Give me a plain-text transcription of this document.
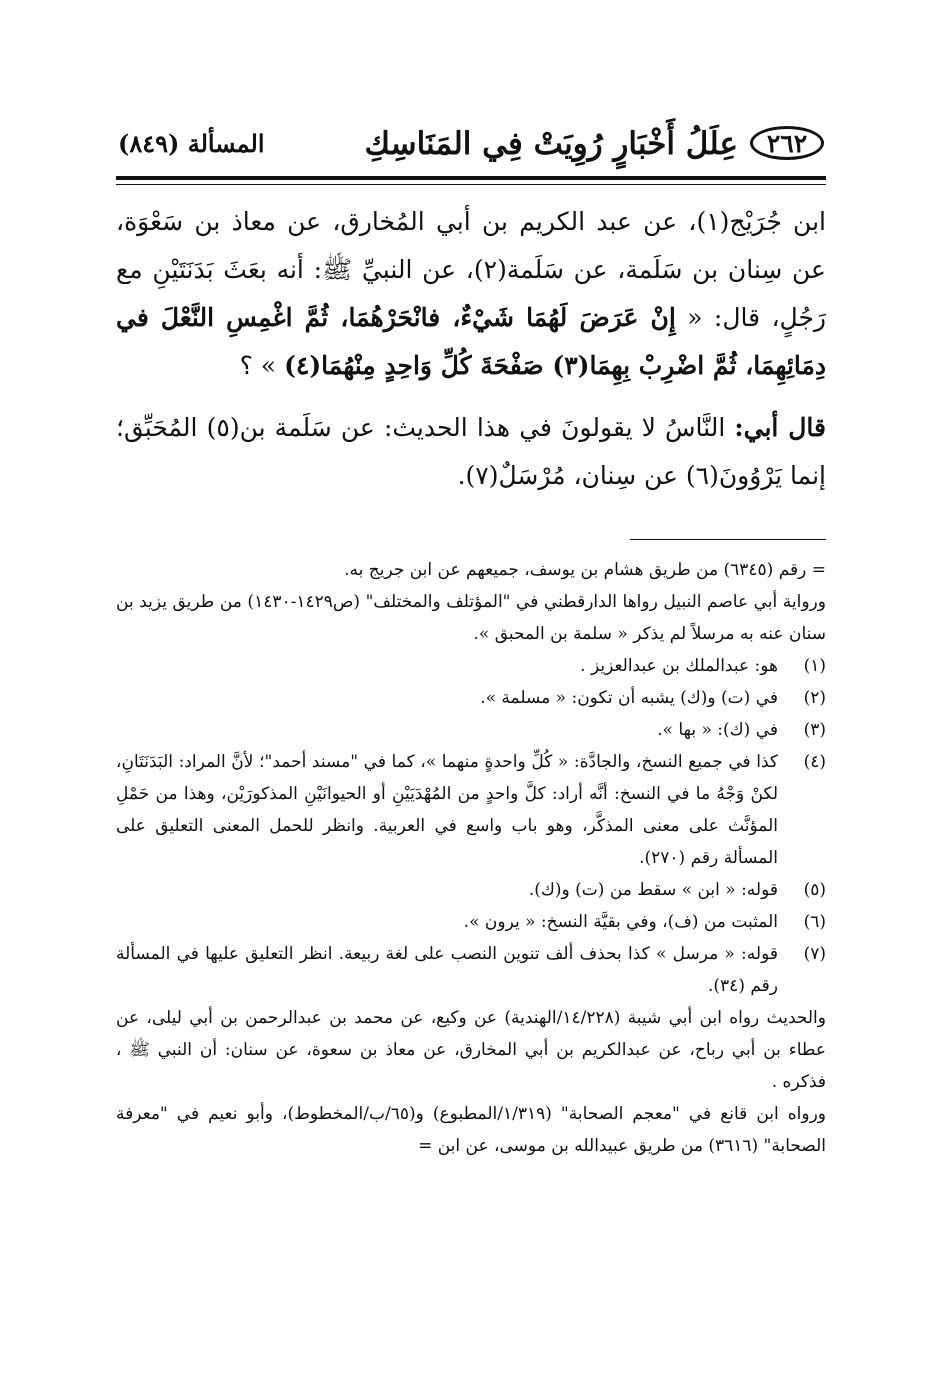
٢٦٢
عِلَلُ أَخْبَارٍ رُوِيَتْ فِي المَنَاسِكِ
المسألة (٨٤٩)

ابن جُرَيْج(١)، عن عبد الكريم بن أبي المُخارق، عن معاذ بن سَعْوَة، عن سِنان بن سَلَمة، عن سَلَمة(٢)، عن النبيِّ ﷺ: أنه بعَثَ بَدَنَتَيْنِ مع رَجُلٍ، قال: « إِنْ عَرَضَ لَهُمَا شَيْءٌ، فانْحَرْهُمَا، ثُمَّ اغْمِسِ النَّعْلَ في دِمَائِهِمَا، ثُمَّ اضْرِبْ بِهِمَا(٣) صَفْحَةَ كُلِّ وَاحِدٍ مِنْهُمَا(٤) » ؟

قال أبي: النَّاسُ لا يقولونَ في هذا الحديث: عن سَلَمة بن(٥) المُحَبِّق؛ إنما يَرْوُونَ(٦) عن سِنان، مُرْسَلٌ(٧).

= رقم (٦٣٤٥) من طريق هشام بن يوسف، جميعهم عن ابن جريج به.

ورواية أبي عاصم النبيل رواها الدارقطني في "المؤتلف والمختلف" (ص١٤٢٩-١٤٣٠) من طريق يزيد بن سنان عنه به مرسلاً لم يذكر « سلمة بن المحبق ».

(١)
هو: عبدالملك بن عبدالعزيز .
(٢)
في (ت) و(ك) يشبه أن تكون: « مسلمة ».
(٣)
في (ك): « بها ».
(٤)
كذا في جميع النسخ، والجادَّة: « كُلِّ واحدةٍ منهما »، كما في "مسند أحمد"؛ لأنَّ المراد: البَدَنَتَانِ، لكنْ وَجْهُ ما في النسخ: أنَّه أراد: كلَّ واحدٍ من المُهْدَيَيْنِ أو الحيوانَيْنِ المذكورَيْن، وهذا من حَمْلِ المؤنَّث على معنى المذكَّر، وهو باب واسع في العربية. وانظر للحمل المعنى التعليق على المسألة رقم (٢٧٠).
(٥)
قوله: « ابن » سقط من (ت) و(ك).
(٦)
المثبت من (ف)، وفي بقيَّة النسخ: « يرون ».
(٧)
قوله: « مرسل » كذا بحذف ألف تنوين النصب على لغة ربيعة. انظر التعليق عليها في المسألة رقم (٣٤).

والحديث رواه ابن أبي شيبة (١٤/٢٢٨/الهندية) عن وكيع، عن محمد بن عبدالرحمن بن أبي ليلى، عن عطاء بن أبي رباح، عن عبدالكريم بن أبي المخارق، عن معاذ بن سعوة، عن سنان: أن النبي ﷺ ، فذكره .

ورواه ابن قانع في "معجم الصحابة" (١/٣١٩/المطبوع) و(٦٥/ب/المخطوط)، وأبو نعيم في "معرفة الصحابة" (٣٦١٦) من طريق عبيدالله بن موسى، عن ابن =
